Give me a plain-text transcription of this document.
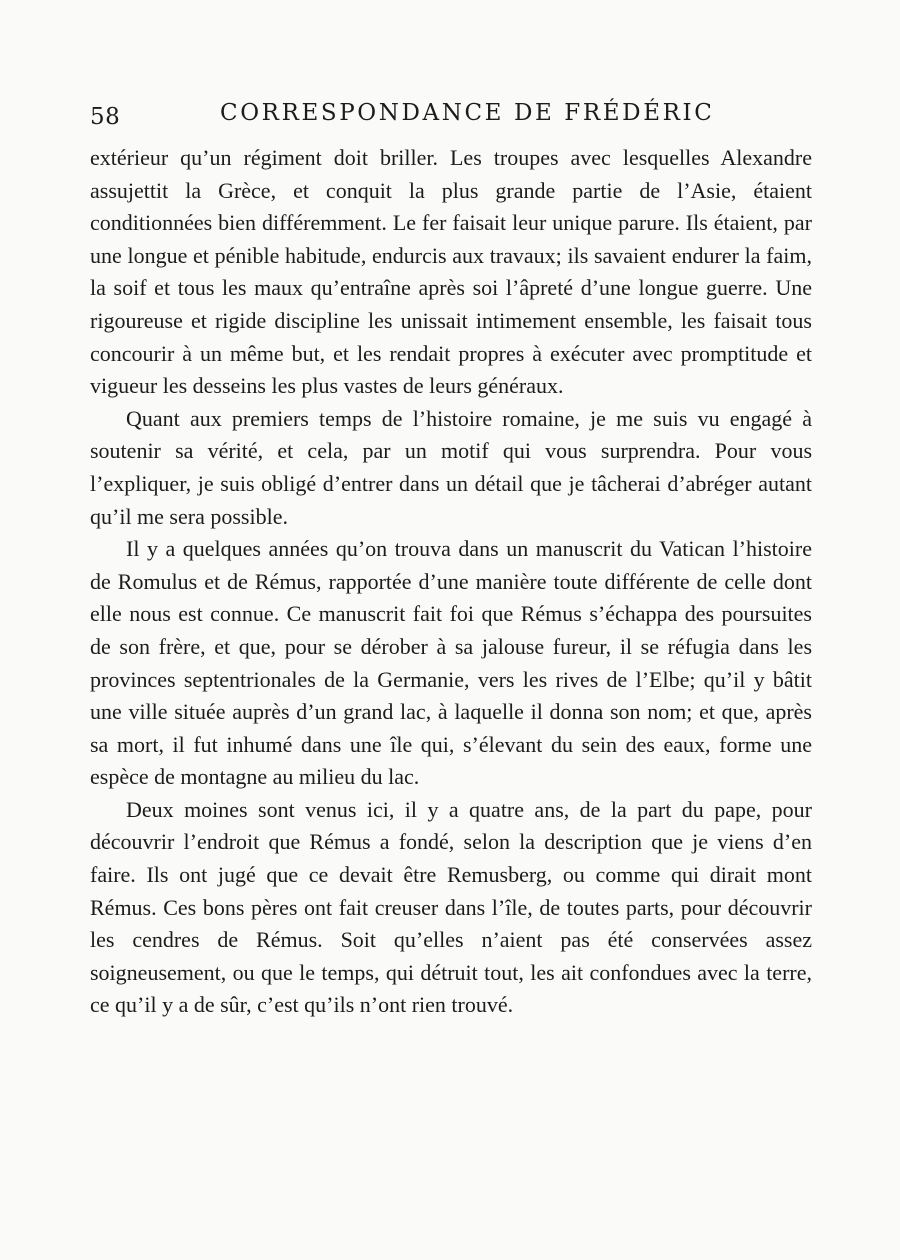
58	CORRESPONDANCE DE FRÉDÉRIC

extérieur qu’un régiment doit briller. Les troupes avec lesquelles Alexandre assujettit la Grèce, et conquit la plus grande partie de l’Asie, étaient conditionnées bien différemment. Le fer faisait leur unique parure. Ils étaient, par une longue et pénible habitude, endurcis aux travaux; ils savaient endurer la faim, la soif et tous les maux qu’entraîne après soi l’âpreté d’une longue guerre. Une rigoureuse et rigide discipline les unissait intimement ensemble, les faisait tous concourir à un même but, et les rendait propres à exécuter avec promptitude et vigueur les desseins les plus vastes de leurs généraux.

Quant aux premiers temps de l’histoire romaine, je me suis vu engagé à soutenir sa vérité, et cela, par un motif qui vous surprendra. Pour vous l’expliquer, je suis obligé d’entrer dans un détail que je tâcherai d’abréger autant qu’il me sera possible.

Il y a quelques années qu’on trouva dans un manuscrit du Vatican l’histoire de Romulus et de Rémus, rapportée d’une manière toute différente de celle dont elle nous est connue. Ce manuscrit fait foi que Rémus s’échappa des poursuites de son frère, et que, pour se dérober à sa jalouse fureur, il se réfugia dans les provinces septentrionales de la Germanie, vers les rives de l’Elbe; qu’il y bâtit une ville située auprès d’un grand lac, à laquelle il donna son nom; et que, après sa mort, il fut inhumé dans une île qui, s’élevant du sein des eaux, forme une espèce de montagne au milieu du lac.

Deux moines sont venus ici, il y a quatre ans, de la part du pape, pour découvrir l’endroit que Rémus a fondé, selon la description que je viens d’en faire. Ils ont jugé que ce devait être Remusberg, ou comme qui dirait mont Rémus. Ces bons pères ont fait creuser dans l’île, de toutes parts, pour découvrir les cendres de Rémus. Soit qu’elles n’aient pas été conservées assez soigneusement, ou que le temps, qui détruit tout, les ait confondues avec la terre, ce qu’il y a de sûr, c’est qu’ils n’ont rien trouvé.
